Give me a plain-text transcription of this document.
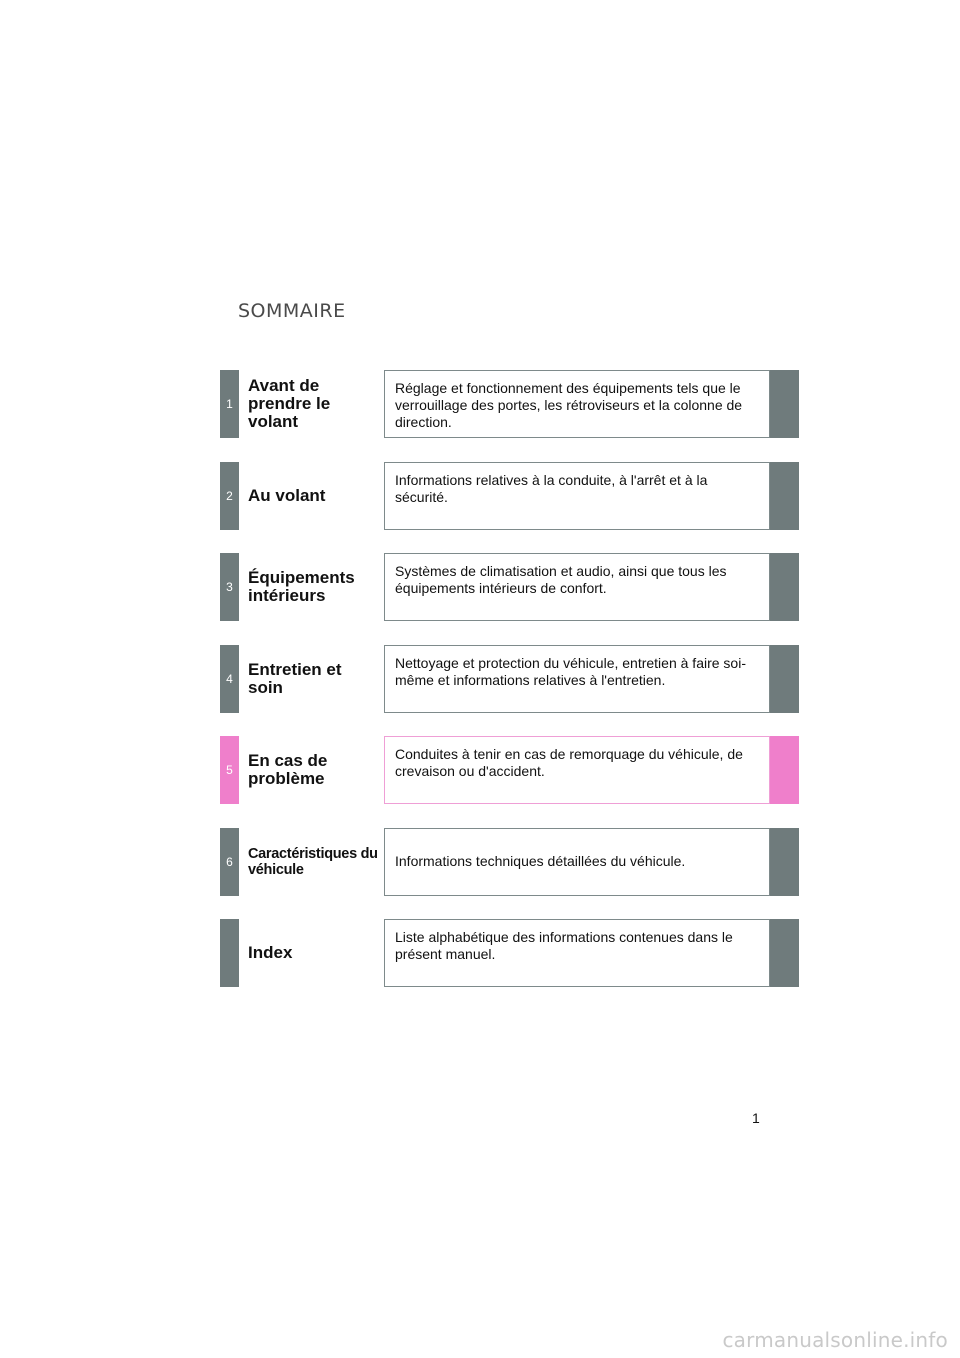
SOMMAIRE
1
Avant de prendre le volant
Réglage et fonctionnement des équipements tels que le verrouillage des portes, les rétroviseurs et la colonne de direction.
2 Au volant
Informations relatives à la conduite, à l'arrêt et à la sécurité.
3 Équipements intérieurs
Systèmes de climatisation et audio, ainsi que tous les équipements intérieurs de confort.
4 Entretien et soin
Nettoyage et protection du véhicule, entretien à faire soi-même et informations relatives à l'entretien.
5 En cas de problème
Conduites à tenir en cas de remorquage du véhicule, de crevaison ou d'accident.
6	Caractéristiques du véhicule
Informations techniques détaillées du véhicule.
Index
Liste alphabétique des informations contenues dans le présent manuel.
1
carmanualsonline.info
